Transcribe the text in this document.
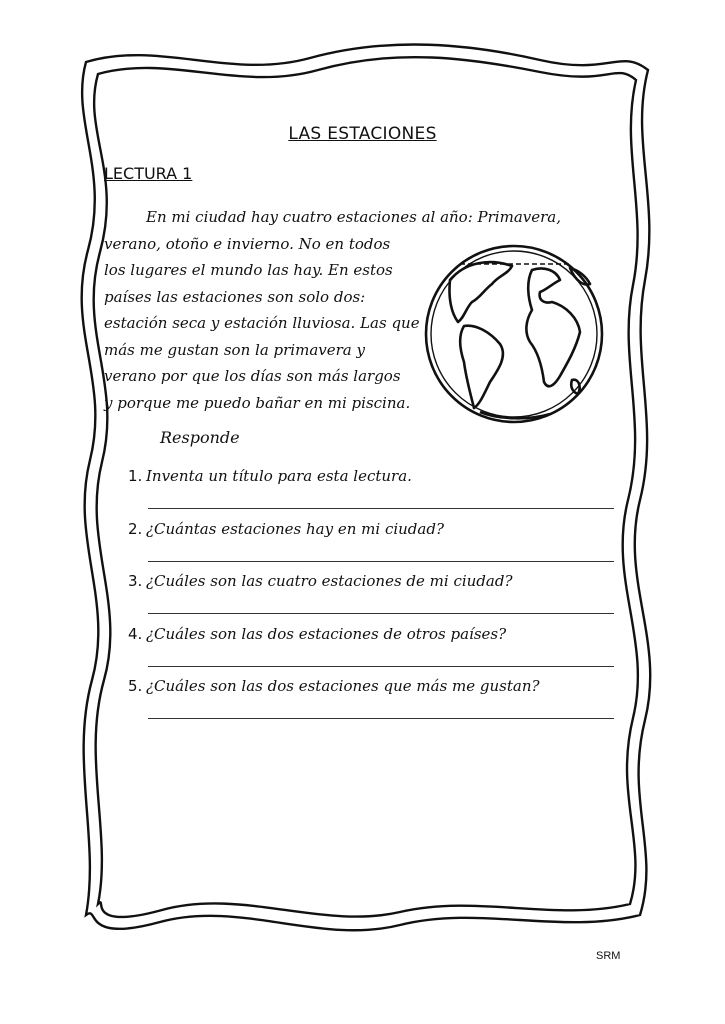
LAS ESTACIONES
LECTURA 1
En mi ciudad hay cuatro estaciones al año: Primavera,
verano, otoño e invierno. No en todos
los lugares el mundo las hay. En estos
países las estaciones son solo dos:
estación seca y estación lluviosa. Las que
más me gustan son la primavera y
verano por que los días son más largos
y porque me puedo bañar en mi piscina.
Responde
1. Inventa un título para esta lectura.
2. ¿Cuántas estaciones hay en mi ciudad?
3. ¿Cuáles son las cuatro estaciones de mi ciudad?
4. ¿Cuáles son las dos estaciones de otros países?
5. ¿Cuáles son las dos estaciones que más me gustan?
SRM
